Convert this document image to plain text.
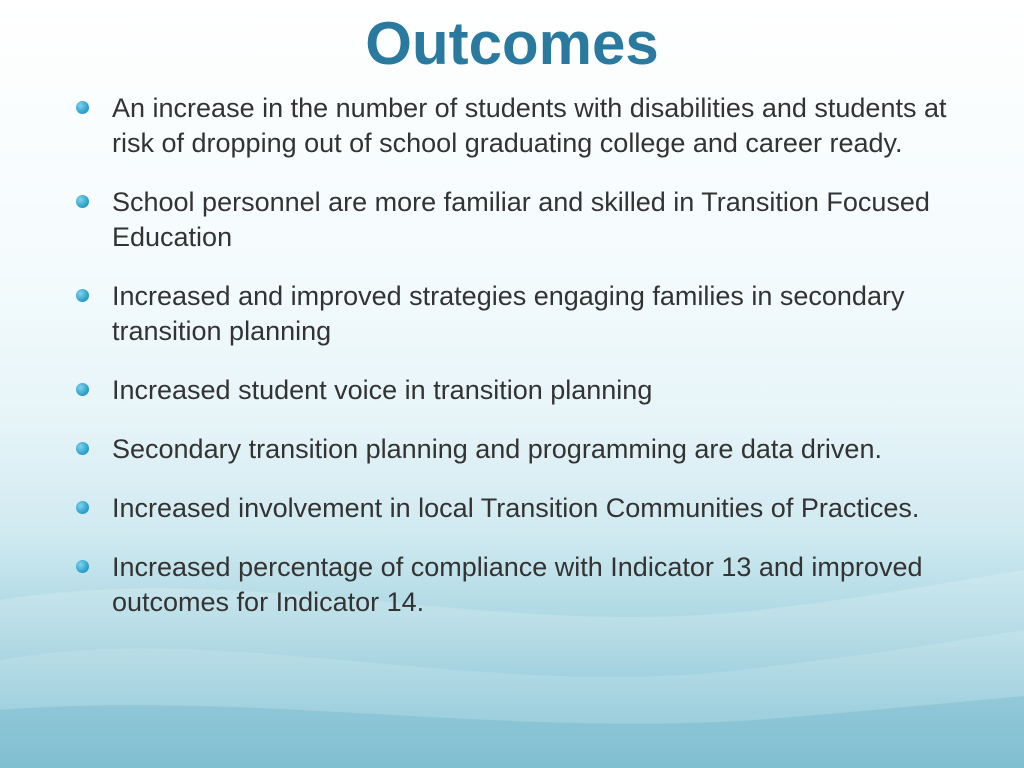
Outcomes
An increase in the number of students with disabilities and students at risk of dropping out of school graduating college and career ready.
School personnel are more familiar and skilled in Transition Focused Education
Increased and improved strategies engaging families in secondary transition planning
Increased student voice in transition planning
Secondary transition planning and programming are data driven.
Increased involvement in local Transition Communities of Practices.
Increased percentage of compliance with Indicator 13 and improved outcomes for Indicator 14.
